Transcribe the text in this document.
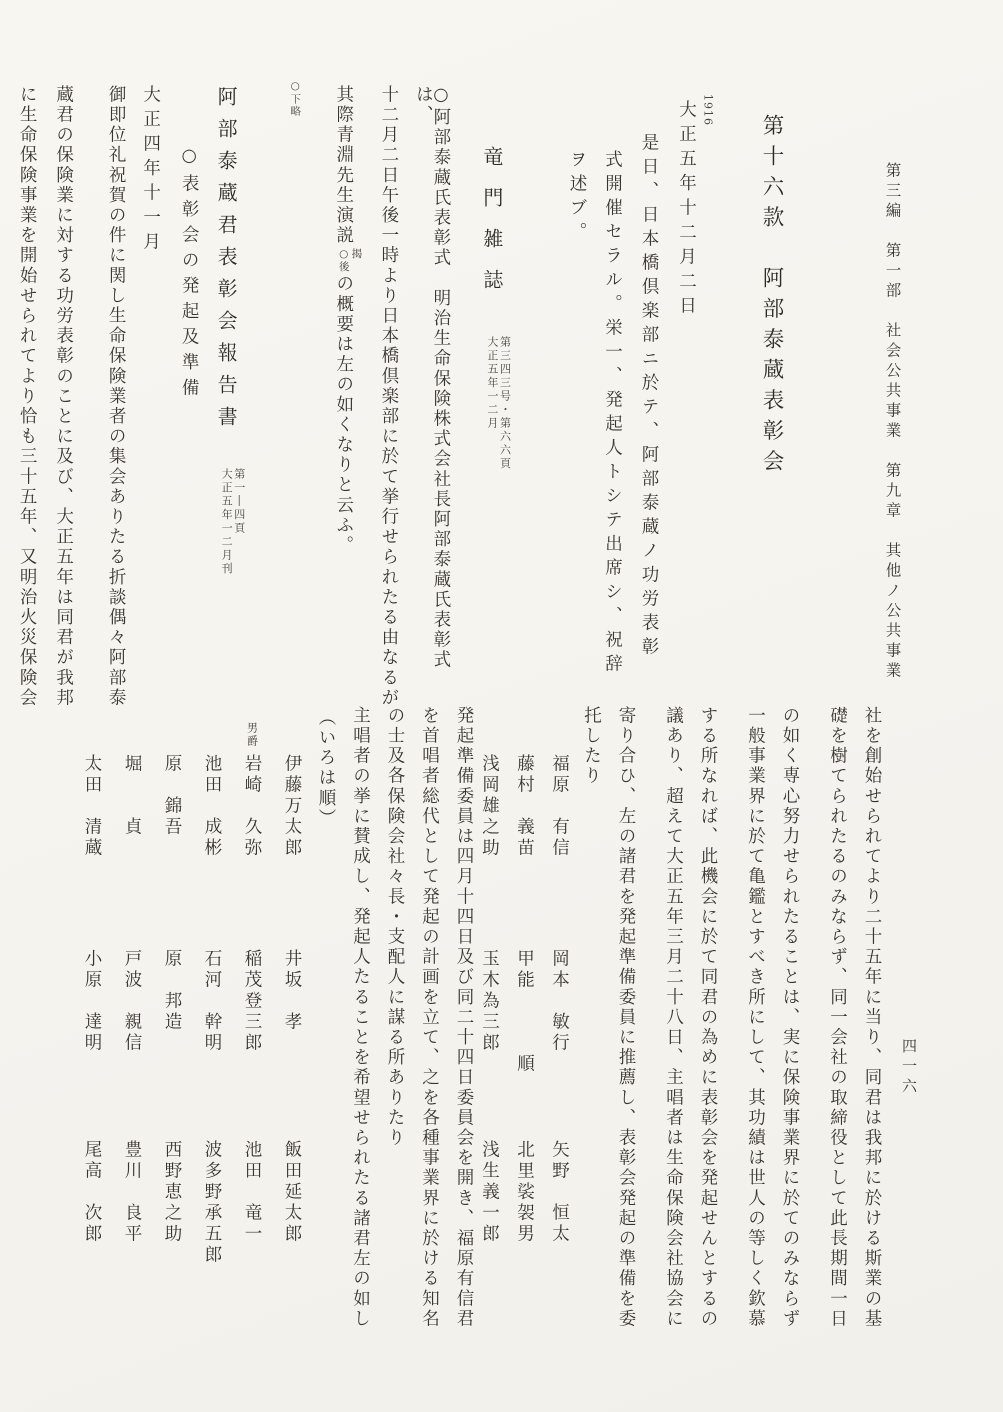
第三編　第一部　社会公共事業　第九章　其他ノ公共事業
四一六
第十六款　阿部泰蔵表彰会
1916
大正五年十二月二日
是日、日本橋倶楽部ニ於テ、阿部泰蔵ノ功労表彰
式開催セラル。栄一、発起人トシテ出席シ、祝辞
ヲ述ブ。
竜門雑誌
第三四三号・第六六頁
大正五年一二月
○阿部泰蔵氏表彰式　明治生命保険株式会社長阿部泰蔵氏表彰式は、
十二月二日午後一時より日本橋倶楽部に於て挙行せられたる由なるが
其際青淵先生演説
揭
○後
の概要は左の如くなりと云ふ。
○下略
阿部泰蔵君表彰会報告書
第一―四頁
大正五年一二月刊
○表彰会の発起及準備
大正四年十一月
御即位礼祝賀の件に関し生命保険業者の集会ありたる折談偶々阿部泰
蔵君の保険業に対する功労表彰のことに及び、大正五年は同君が我邦
に生命保険事業を開始せられてより恰も三十五年、又明治火災保険会
社を創始せられてより二十五年に当り、同君は我邦に於ける斯業の基
礎を樹てられたるのみならず、同一会社の取締役として此長期間一日
の如く専心努力せられたることは、実に保険事業界に於てのみならず
一般事業界に於て亀鑑とすべき所にして、其功績は世人の等しく欽慕
する所なれば、此機会に於て同君の為めに表彰会を発起せんとするの
議あり、超えて大正五年三月二十八日、主唱者は生命保険会社協会に
寄り合ひ、左の諸君を発起準備委員に推薦し、表彰会発起の準備を委
托したり
福原　有信
岡本　敏行
矢野　恒太
藤村　義苗
甲能　　　順
北里裟袈男
浅岡雄之助
玉木為三郎
浅生義一郎
発起準備委員は四月十四日及び同二十四日委員会を開き、福原有信君
を首唱者総代として発起の計画を立て、之を各種事業界に於ける知名
の士及各保険会社々長・支配人に謀る所ありたり
主唱者の挙に賛成し、発起人たることを希望せられたる諸君左の如し
（いろは順）
伊藤万太郎
井坂　孝
飯田延太郎
男爵
岩崎　久弥
稲茂登三郎
池田　竜一
池田　成彬
石河　幹明
波多野承五郎
原　錦吾
原　邦造
西野恵之助
堀　　貞
戸波　親信
豊川　良平
太田　清蔵
小原　達明
尾高　次郎
